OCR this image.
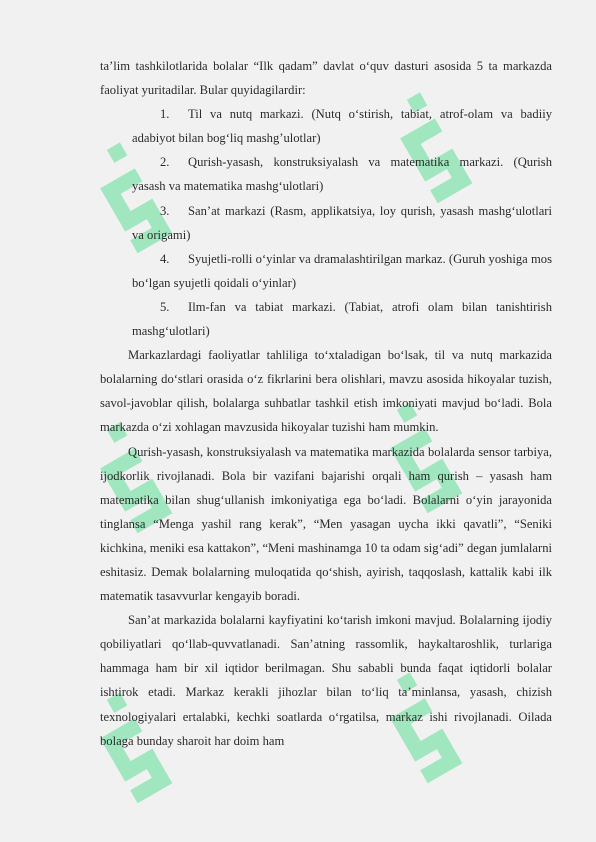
ta’lim tashkilotlarida bolalar “Ilk qadam” davlat o‘quv dasturi asosida 5 ta markazda faoliyat yuritadilar. Bular quyidagilardir:

1. Til va nutq markazi. (Nutq o‘stirish, tabiat, atrof-olam va badiiy adabiyot bilan bog‘liq mashg’ulotlar)
2. Qurish-yasash, konstruksiyalash va matematika markazi. (Qurish yasash va matematika mashg‘ulotlari)
3. San’at markazi (Rasm, applikatsiya, loy qurish, yasash mashg‘ulotlari va origami)
4. Syujetli-rolli o‘yinlar va dramalashtirilgan markaz. (Guruh yoshiga mos bo‘lgan syujetli qoidali o‘yinlar)
5. Ilm-fan va tabiat markazi. (Tabiat, atrofi olam bilan tanishtirish mashg‘ulotlari)

Markazlardagi faoliyatlar tahliliga to‘xtaladigan bo‘lsak, til va nutq markazida bolalarning do‘stlari orasida o‘z fikrlarini bera olishlari, mavzu asosida hikoyalar tuzish, savol-javoblar qilish, bolalarga suhbatlar tashkil etish imkoniyati mavjud bo‘ladi. Bola markazda o‘zi xohlagan mavzusida hikoyalar tuzishi ham mumkin.

Qurish-yasash, konstruksiyalash va matematika markazida bolalarda sensor tarbiya, ijodkorlik rivojlanadi. Bola bir vazifani bajarishi orqali ham qurish – yasash ham matematika bilan shug‘ullanish imkoniyatiga ega bo‘ladi. Bolalarni o‘yin jarayonida tinglansa “Menga yashil rang kerak”, “Men yasagan uycha ikki qavatli”, “Seniki kichkina, meniki esa kattakon”, “Meni mashinamga 10 ta odam sig‘adi” degan jumlalarni eshitasiz. Demak bolalarning muloqatida qo‘shish, ayirish, taqqoslash, kattalik kabi ilk matematik tasavvurlar kengayib boradi.

San’at markazida bolalarni kayfiyatini ko‘tarish imkoni mavjud. Bolalarning ijodiy qobiliyatlari qo‘llab-quvvatlanadi. San’atning rassomlik, haykaltaroshlik, turlariga hammaga ham bir xil iqtidor berilmagan. Shu sababli bunda faqat iqtidorli bolalar ishtirok etadi. Markaz kerakli jihozlar bilan to‘liq ta’minlansa, yasash, chizish texnologiyalari ertalabki, kechki soatlarda o‘rgatilsa, markaz ishi rivojlanadi. Oilada bolaga bunday sharoit har doim ham
